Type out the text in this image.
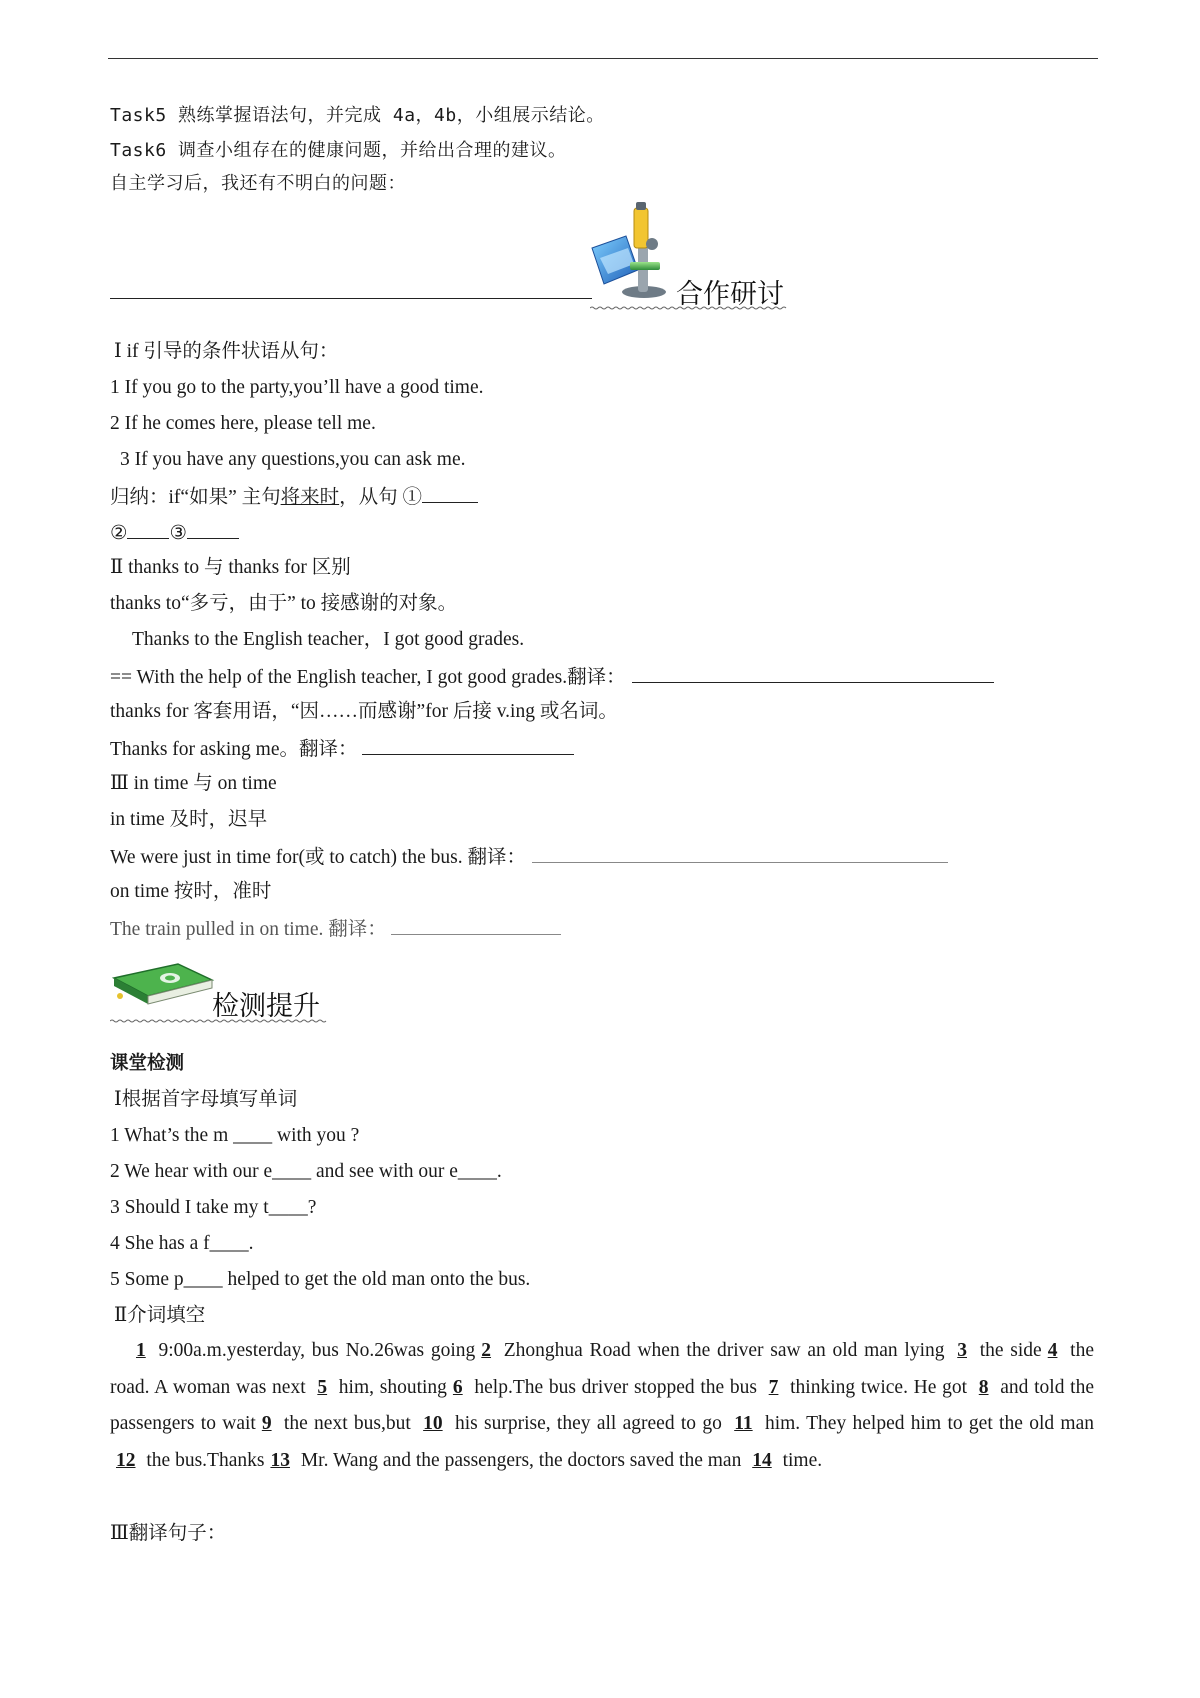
Task5 熟练掌握语法句，并完成 4a，4b，小组展示结论。
Task6 调查小组存在的健康问题，并给出合理的建议。
自主学习后，我还有不明白的问题：
合作研讨
Ⅰ if 引导的条件状语从句：
1 If you go to the party,you’ll have a good time.
2 If he comes here, please tell me.
3 If you have any questions,you can ask me.
归纳：if“如果” 主句将来时，从句 ①
② ③
Ⅱ thanks to 与 thanks for 区别
thanks to“多亏，由于” to 接感谢的对象。
Thanks to the English teacher，I got good grades.
== With the help of the English teacher, I got good grades.翻译：
thanks for 客套用语，“因……而感谢”for 后接 v.ing 或名词。
Thanks for asking me。翻译：
Ⅲ in time 与 on time
in time 及时，迟早
We were just in time for(或 to catch) the bus. 翻译：
on time 按时，准时
The train pulled in on time. 翻译：
检测提升
课堂检测
Ⅰ根据首字母填写单词
1 What’s the m ____ with you ?
2 We hear with our e____ and see with our e____.
3 Should I take my t____?
4 She has a f____.
5 Some p____ helped to get the old man onto the bus.
Ⅱ介词填空
1 9:00a.m.yesterday, bus No.26was going 2 Zhonghua Road when the driver saw an old man lying 3 the side 4 the road. A woman was next 5 him, shouting 6 help.The bus driver stopped the bus 7 thinking twice. He got 8 and told the passengers to wait 9 the next bus,but 10 his surprise, they all agreed to go 11 him. They helped him to get the old man 12 the bus.Thanks 13 Mr. Wang and the passengers, the doctors saved the man 14 time.
Ⅲ翻译句子：
